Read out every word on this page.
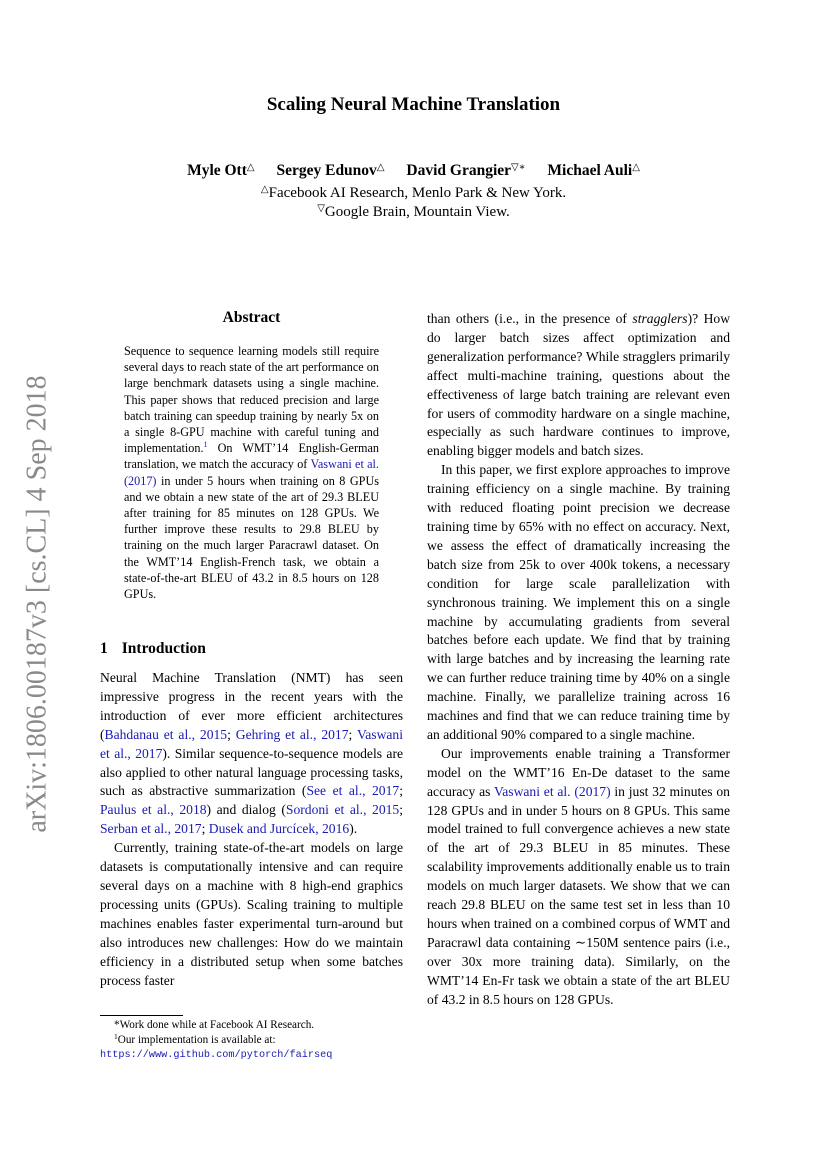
arXiv:1806.00187v3 [cs.CL] 4 Sep 2018
Scaling Neural Machine Translation
Myle Ott△ Sergey Edunov△ David Grangier▽∗ Michael Auli△
△Facebook AI Research, Menlo Park & New York.
▽Google Brain, Mountain View.
Abstract
Sequence to sequence learning models still require several days to reach state of the art performance on large benchmark datasets using a single machine. This paper shows that reduced precision and large batch training can speedup training by nearly 5x on a single 8-GPU machine with careful tuning and implementation.$^1$ On WMT’14 English-German translation, we match the accuracy of Vaswani et al. (2017) in under 5 hours when training on 8 GPUs and we obtain a new state of the art of 29.3 BLEU after training for 85 minutes on 128 GPUs. We further improve these results to 29.8 BLEU by training on the much larger Paracrawl dataset. On the WMT’14 English-French task, we obtain a state-of-the-art BLEU of 43.2 in 8.5 hours on 128 GPUs.
1 Introduction

Neural Machine Translation (NMT) has seen impressive progress in the recent years with the introduction of ever more efficient architectures (Bahdanau et al., 2015; Gehring et al., 2017; Vaswani et al., 2017). Similar sequence-to-sequence models are also applied to other natural language processing tasks, such as abstractive summarization (See et al., 2017; Paulus et al., 2018) and dialog (Sordoni et al., 2015; Serban et al., 2017; Dusek and Jurcícek, 2016).

Currently, training state-of-the-art models on large datasets is computationally intensive and can require several days on a machine with 8 high-end graphics processing units (GPUs). Scaling training to multiple machines enables faster experimental turn-around but also introduces new challenges: How do we maintain efficiency in a distributed setup when some batches process faster

than others (i.e., in the presence of stragglers)? How do larger batch sizes affect optimization and generalization performance? While stragglers primarily affect multi-machine training, questions about the effectiveness of large batch training are relevant even for users of commodity hardware on a single machine, especially as such hardware continues to improve, enabling bigger models and batch sizes.

In this paper, we first explore approaches to improve training efficiency on a single machine. By training with reduced floating point precision we decrease training time by 65% with no effect on accuracy. Next, we assess the effect of dramatically increasing the batch size from 25k to over 400k tokens, a necessary condition for large scale parallelization with synchronous training. We implement this on a single machine by accumulating gradients from several batches before each update. We find that by training with large batches and by increasing the learning rate we can further reduce training time by 40% on a single machine. Finally, we parallelize training across 16 machines and find that we can reduce training time by an additional 90% compared to a single machine.

Our improvements enable training a Transformer model on the WMT’16 En-De dataset to the same accuracy as Vaswani et al. (2017) in just 32 minutes on 128 GPUs and in under 5 hours on 8 GPUs. This same model trained to full convergence achieves a new state of the art of 29.3 BLEU in 85 minutes. These scalability improvements additionally enable us to train models on much larger datasets. We show that we can reach 29.8 BLEU on the same test set in less than 10 hours when trained on a combined corpus of WMT and Paracrawl data containing ∼150M sentence pairs (i.e., over 30x more training data). Similarly, on the WMT’14 En-Fr task we obtain a state of the art BLEU of 43.2 in 8.5 hours on 128 GPUs.

*Work done while at Facebook AI Research.
$^1$Our implementation is available at:
https://www.github.com/pytorch/fairseq
